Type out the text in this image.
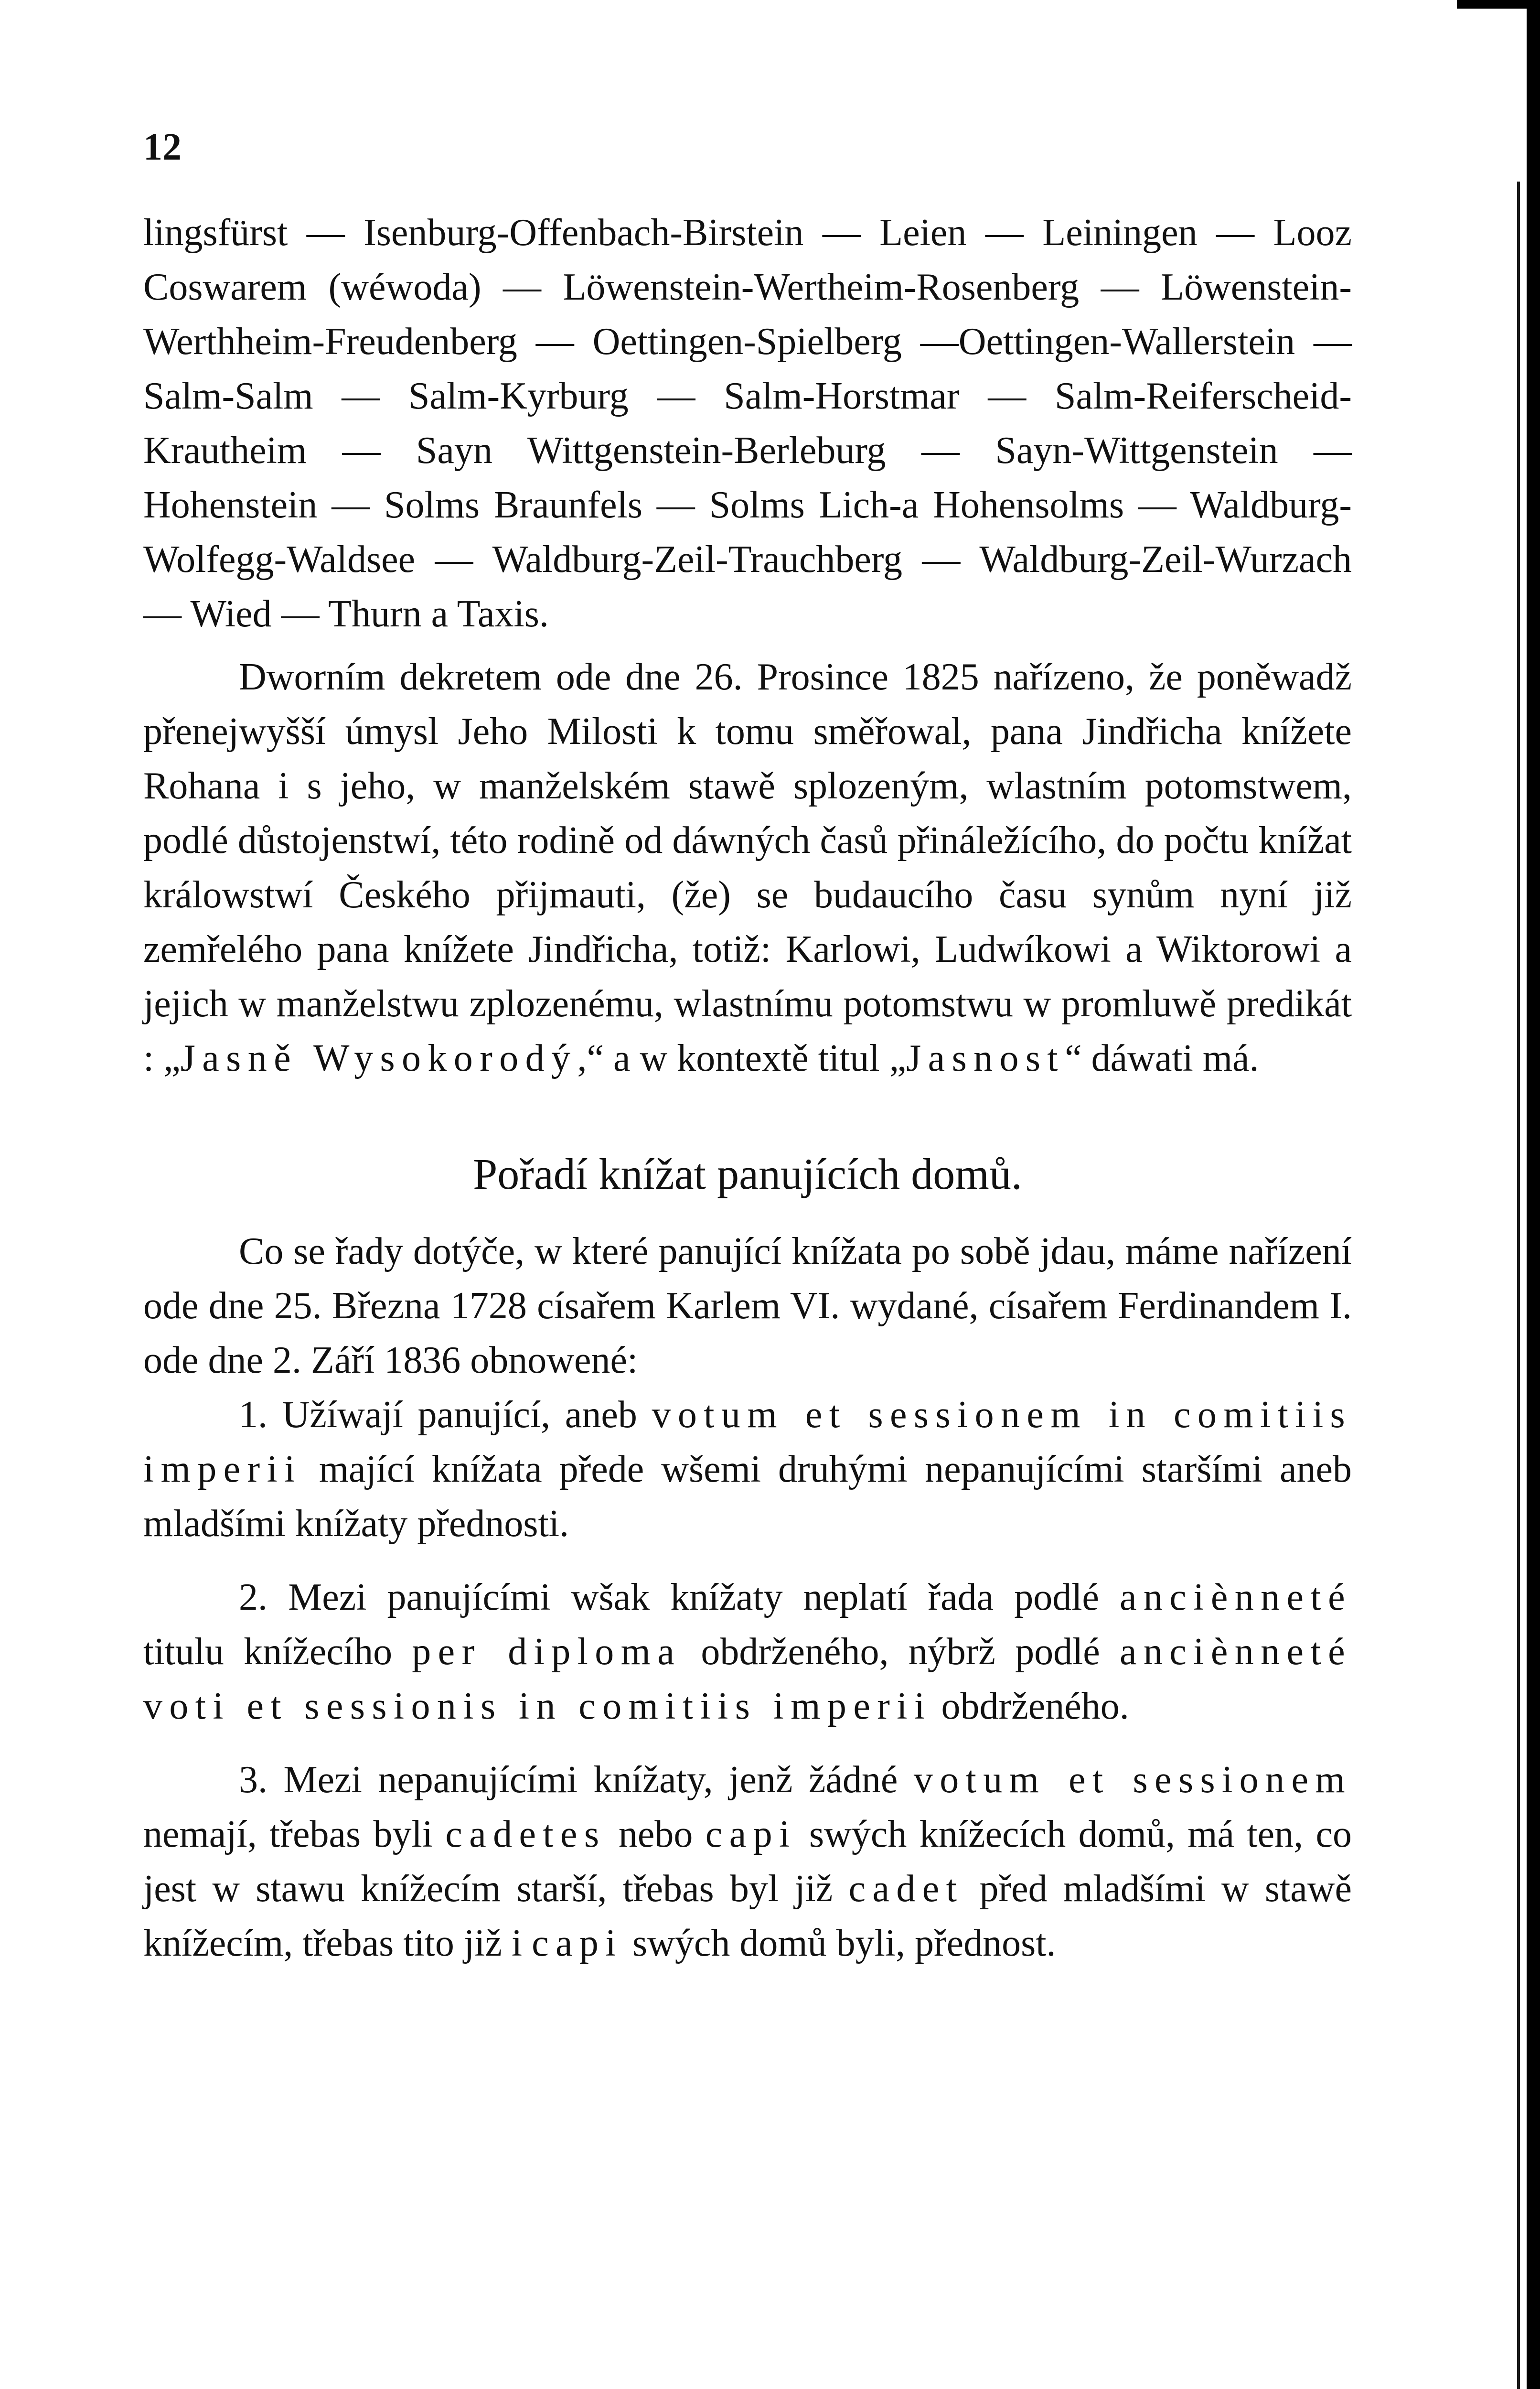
12

lingsfürst — Isenburg-Offenbach-Birstein — Leien — Leiningen — Looz Coswarem (wéwoda) — Löwenstein-Wertheim-Rosenberg — Löwenstein-Werthheim-Freudenberg — Oettingen-Spielberg —Oettingen-Wallerstein — Salm-Salm — Salm-Kyrburg — Salm-Horstmar — Salm-Reiferscheid-Krautheim — Sayn Wittgenstein-Berleburg — Sayn-Wittgenstein — Hohenstein — Solms Braunfels — Solms Lich-a Hohensolms — Waldburg-Wolfegg-Waldsee — Waldburg-Zeil-Trauchberg — Waldburg-Zeil-Wurzach — Wied — Thurn a Taxis.

Dworním dekretem ode dne 26. Prosince 1825 nařízeno, že poněwadž přenejwyšší úmysl Jeho Milosti k tomu směřowal, pana Jindřicha knížete Rohana i s jeho, w manželském stawě splozeným, wlastním potomstwem, podlé důstojenstwí, této rodině od dáwných časů přináležícího, do počtu knížat králowstwí Českého přijmauti, (že) se budaucího času synům nyní již zemřelého pana knížete Jindřicha, totiž: Karlowi, Ludwíkowi a Wiktorowi a jejich w manželstwu zplozenému, wlastnímu potomstwu w promluwě predikát : „Jasně Wysokorodý,“ a w kontextě titul „Jasnost“ dáwati má.

Pořadí knížat panujících domů.

Co se řady dotýče, w které panující knížata po sobě jdau, máme nařízení ode dne 25. Března 1728 císařem Karlem VI. wydané, císařem Ferdinandem I. ode dne 2. Září 1836 obnowené:

1. Užíwají panující, aneb votum et sessionem in comitiis imperii mající knížata přede wšemi druhými nepanujícími staršími aneb mladšími knížaty přednosti.

2. Mezi panujícími wšak knížaty neplatí řada podlé anciènneté titulu knížecího per diploma obdrženého, nýbrž podlé anciènneté voti et sessionis in comitiis imperii obdrženého.

3. Mezi nepanujícími knížaty, jenž žádné votum et sessionem nemají, třebas byli cadetes nebo capi swých knížecích domů, má ten, co jest w stawu knížecím starší, třebas byl již cadet před mladšími w stawě knížecím, třebas tito již i capi swých domů byli, přednost.
